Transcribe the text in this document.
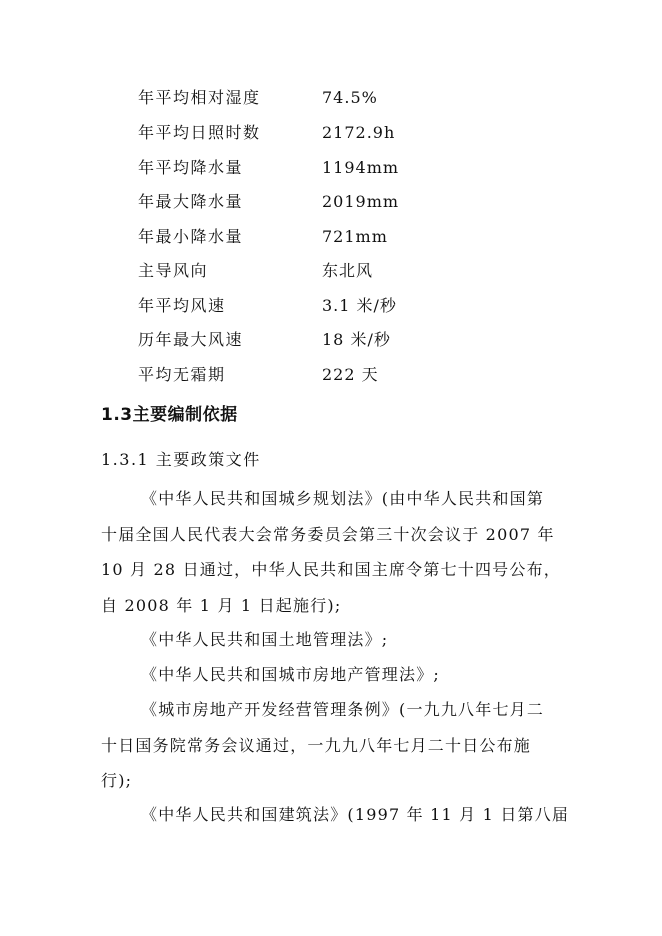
年平均相对湿度	74.5%
年平均日照时数	2172.9h
年平均降水量	1194mm
年最大降水量	2019mm
年最小降水量	721mm
主导风向	东北风
年平均风速	3.1 米/秒
历年最大风速	18 米/秒
平均无霜期	222 天
1.3主要编制依据
1.3.1 主要政策文件
《中华人民共和国城乡规划法》(由中华人民共和国第
十届全国人民代表大会常务委员会第三十次会议于 2007 年
10 月 28 日通过，中华人民共和国主席令第七十四号公布，
自 2008 年 1 月 1 日起施行);
《中华人民共和国土地管理法》;
《中华人民共和国城市房地产管理法》;
《城市房地产开发经营管理条例》(一九九八年七月二
十日国务院常务会议通过，一九九八年七月二十日公布施
行);
《中华人民共和国建筑法》(1997 年 11 月 1 日第八届
